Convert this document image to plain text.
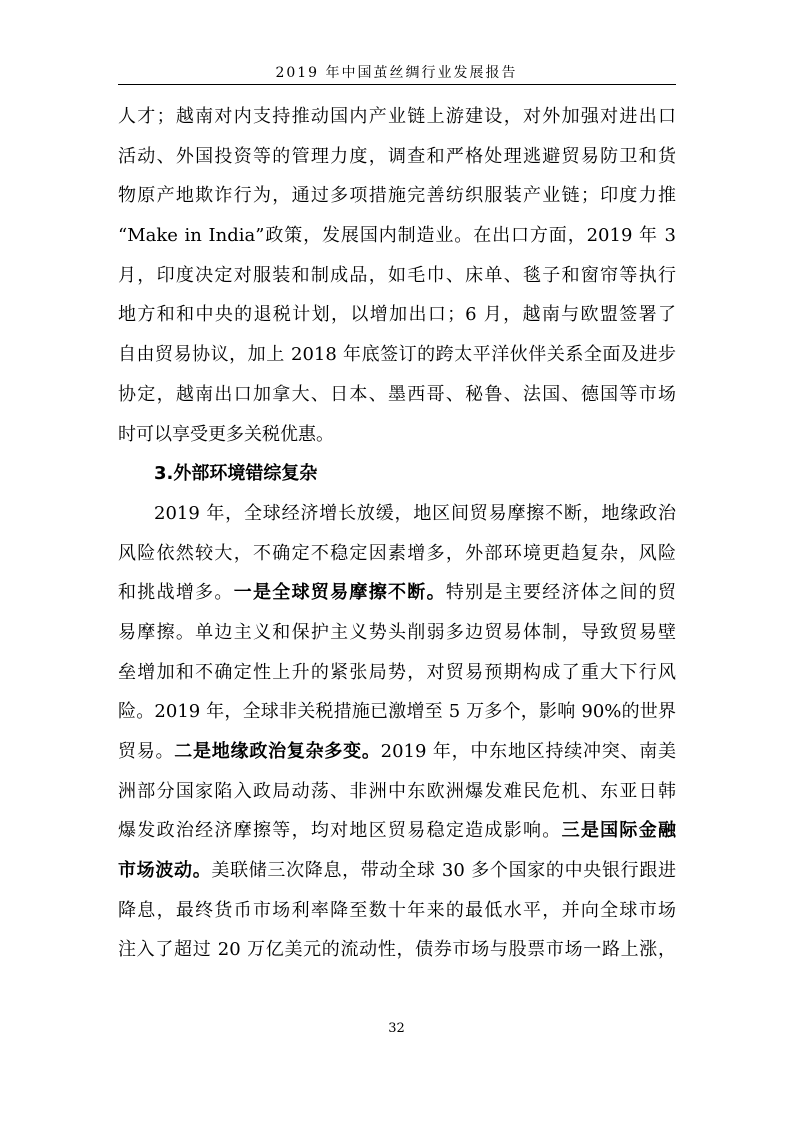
2019 年中国茧丝绸行业发展报告
人才；越南对内支持推动国内产业链上游建设，对外加强对进出口
活动、外国投资等的管理力度，调查和严格处理逃避贸易防卫和货
物原产地欺诈行为，通过多项措施完善纺织服装产业链；印度力推
“Make in India”政策，发展国内制造业。在出口方面，2019 年 3
月，印度决定对服装和制成品，如毛巾、床单、毯子和窗帘等执行
地方和和中央的退税计划，以增加出口；6 月，越南与欧盟签署了
自由贸易协议，加上 2018 年底签订的跨太平洋伙伴关系全面及进步
协定，越南出口加拿大、日本、墨西哥、秘鲁、法国、德国等市场
时可以享受更多关税优惠。
3.外部环境错综复杂
2019 年，全球经济增长放缓，地区间贸易摩擦不断，地缘政治
风险依然较大，不确定不稳定因素增多，外部环境更趋复杂，风险
和挑战增多。一是全球贸易摩擦不断。特别是主要经济体之间的贸
易摩擦。单边主义和保护主义势头削弱多边贸易体制，导致贸易壁
垒增加和不确定性上升的紧张局势，对贸易预期构成了重大下行风
险。2019 年，全球非关税措施已激增至 5 万多个，影响 90%的世界
贸易。二是地缘政治复杂多变。2019 年，中东地区持续冲突、南美
洲部分国家陷入政局动荡、非洲中东欧洲爆发难民危机、东亚日韩
爆发政治经济摩擦等，均对地区贸易稳定造成影响。三是国际金融
市场波动。美联储三次降息，带动全球 30 多个国家的中央银行跟进
降息，最终货币市场利率降至数十年来的最低水平，并向全球市场
注入了超过 20 万亿美元的流动性，债券市场与股票市场一路上涨，
32
